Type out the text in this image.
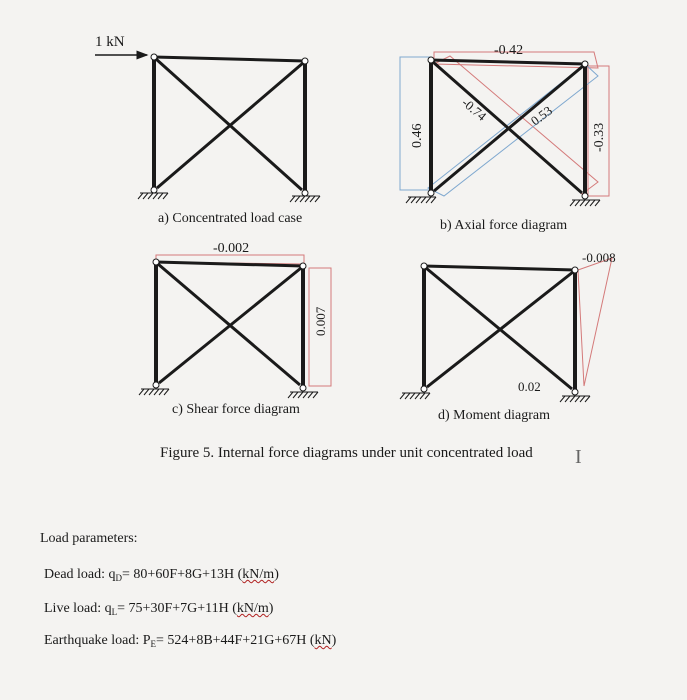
1 kN
a) Concentrated load case	b) Axial force diagram
-0.42
0.46	-0.33
-0.74	0.53
-0.002
0.007
-0.008
0.02
c) Shear force diagram	d) Moment diagram
Figure 5. Internal force diagrams under unit concentrated load I
Load parameters:
Dead load: $q_D= 80+60F+8G+13H$ (kN/m)
Live load: $q_L= 75+30F+7G+11H$ (kN/m)
Earthquake load: $P_E= 524+8B+44F+21G+67H$ (kN)
